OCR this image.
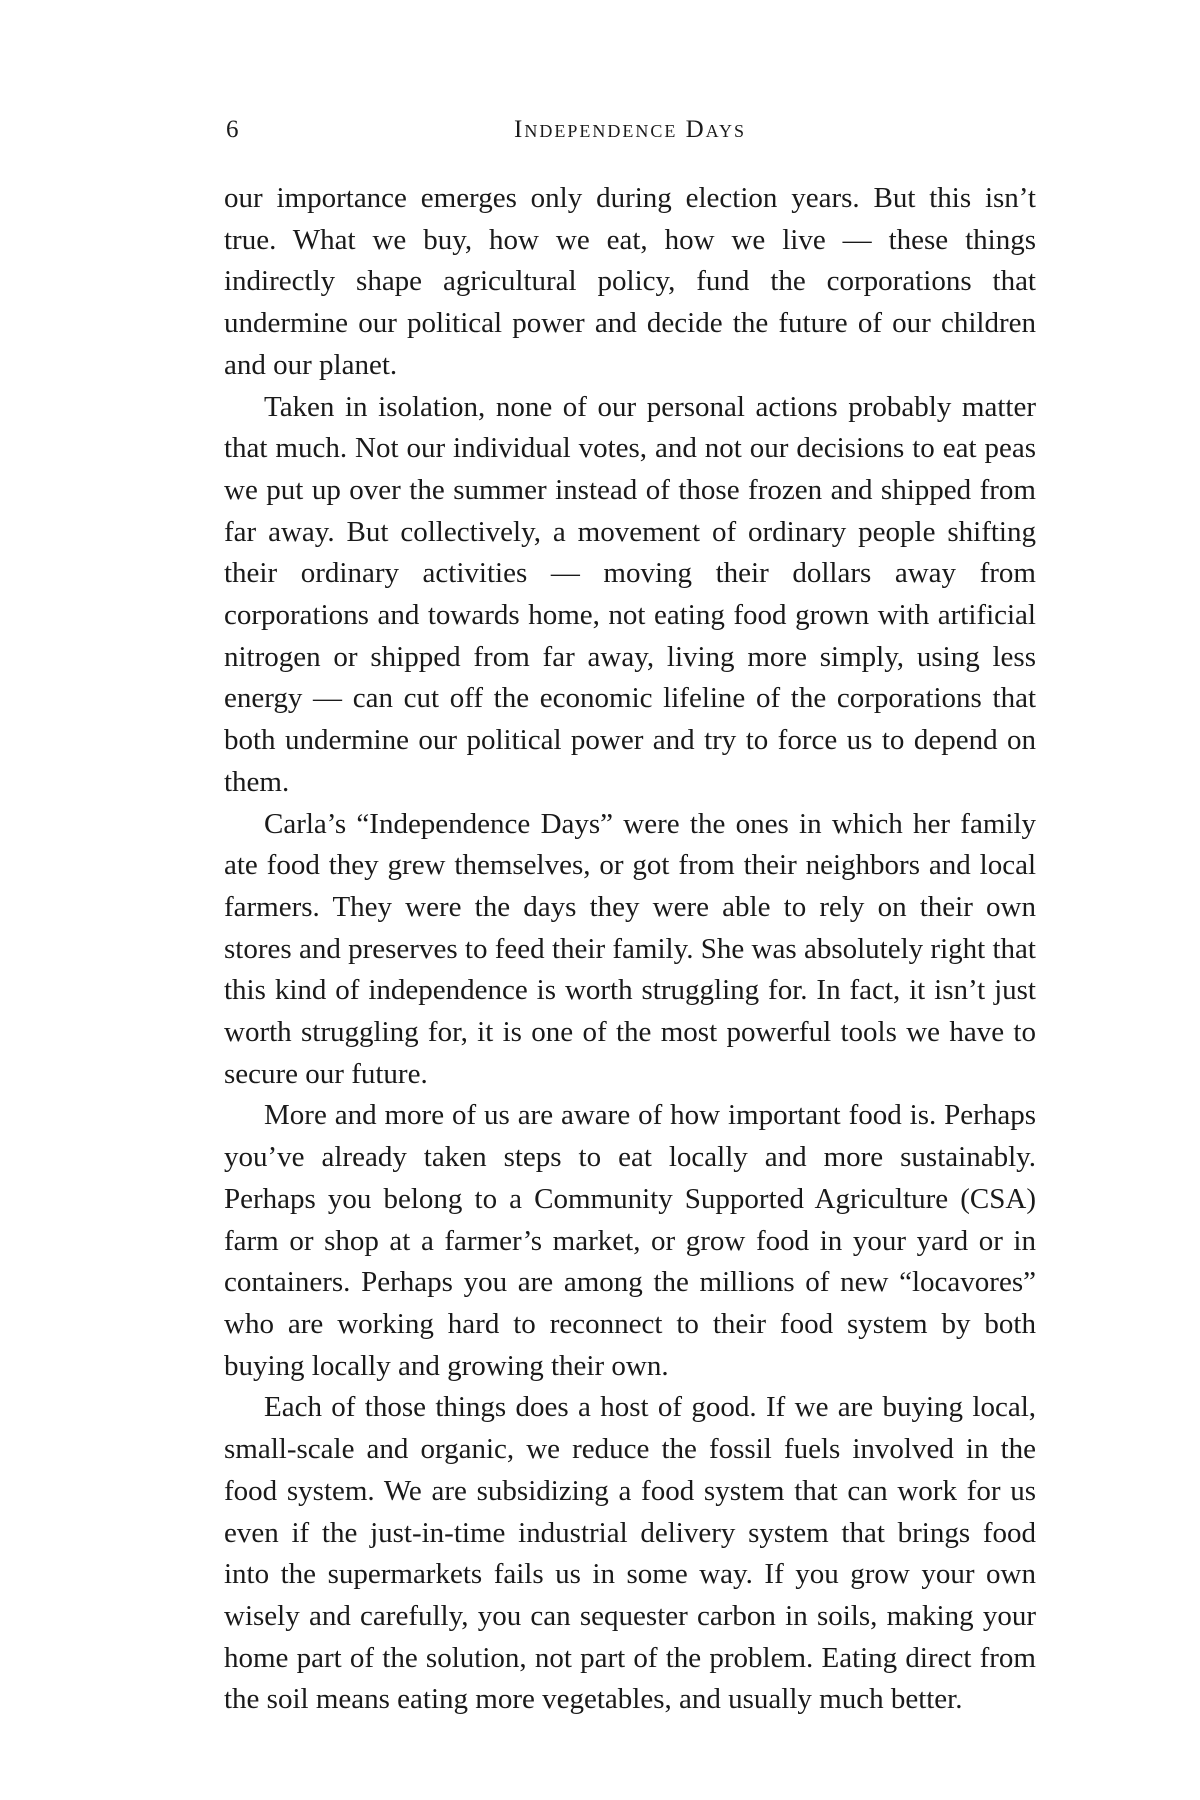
6	Independence Days

our importance emerges only during election years. But this isn’t true. What we buy, how we eat, how we live — these things indirectly shape agricultural policy, fund the corporations that undermine our political power and decide the future of our children and our planet.

Taken in isolation, none of our personal actions probably matter that much. Not our individual votes, and not our decisions to eat peas we put up over the summer instead of those frozen and shipped from far away. But collectively, a movement of ordinary people shifting their ordinary activities — moving their dollars away from corporations and towards home, not eating food grown with artificial nitrogen or shipped from far away, living more simply, using less energy — can cut off the economic lifeline of the corporations that both undermine our political power and try to force us to depend on them.

Carla’s “Independence Days” were the ones in which her family ate food they grew themselves, or got from their neighbors and local farmers. They were the days they were able to rely on their own stores and preserves to feed their family. She was absolutely right that this kind of independence is worth struggling for. In fact, it isn’t just worth struggling for, it is one of the most powerful tools we have to secure our future.

More and more of us are aware of how important food is. Perhaps you’ve already taken steps to eat locally and more sustainably. Perhaps you belong to a Community Supported Agriculture (CSA) farm or shop at a farmer’s market, or grow food in your yard or in containers. Perhaps you are among the millions of new “locavores” who are working hard to reconnect to their food system by both buying locally and growing their own.

Each of those things does a host of good. If we are buying local, small-scale and organic, we reduce the fossil fuels involved in the food system. We are subsidizing a food system that can work for us even if the just-in-time industrial delivery system that brings food into the supermarkets fails us in some way. If you grow your own wisely and carefully, you can sequester carbon in soils, making your home part of the solution, not part of the problem. Eating direct from the soil means eating more vegetables, and usually much better.
